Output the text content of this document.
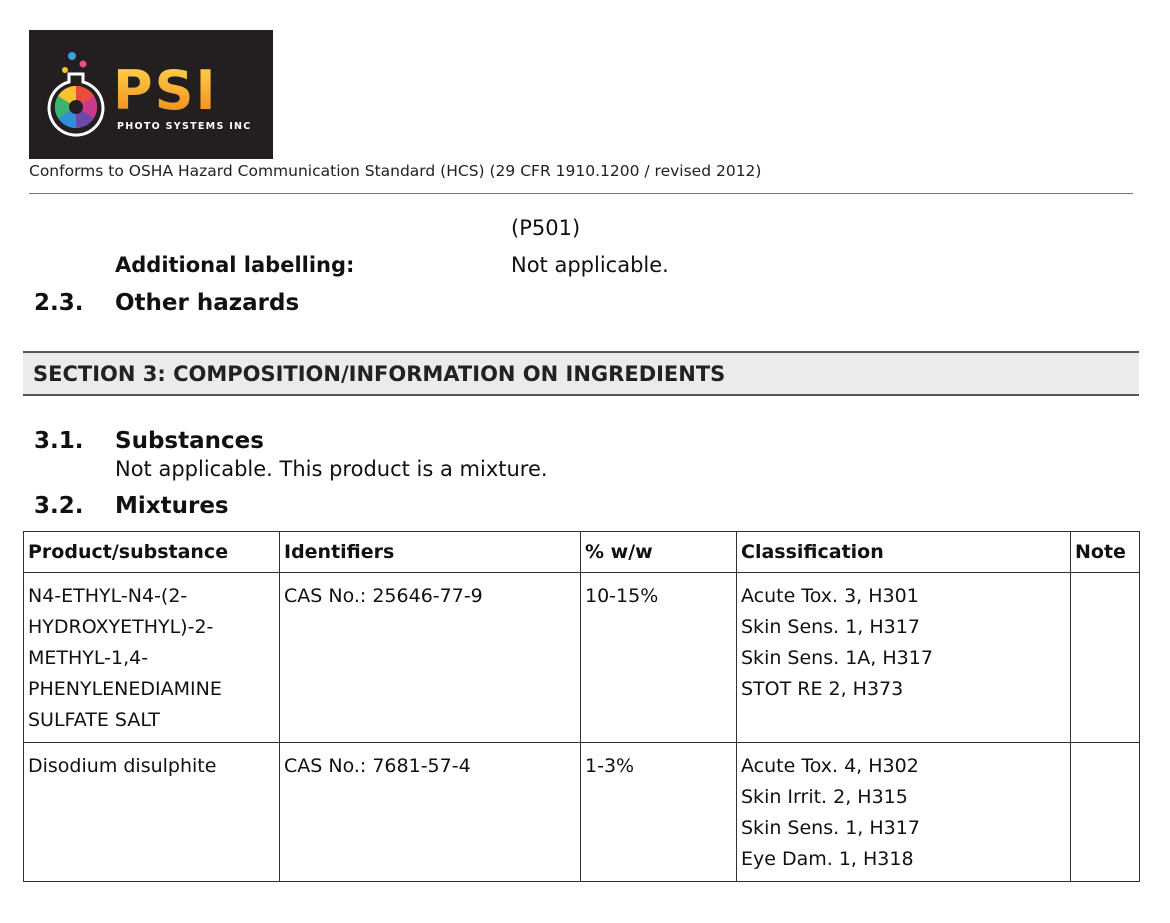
PSI
PHOTO SYSTEMS INC
Conforms to OSHA Hazard Communication Standard (HCS) (29 CFR 1910.1200 / revised 2012)
(P501)
Additional labelling:	Not applicable.
2.3. Other hazards
SECTION 3: COMPOSITION/INFORMATION ON INGREDIENTS
3.1. Substances
Not applicable. This product is a mixture.
3.2. Mixtures
Product/substance	Identifiers	% w/w	Classification	Note

N4-ETHYL-N4-(2-
HYDROXYETHYL)-2-
METHYL-1,4-
PHENYLENEDIAMINE
SULFATE SALT	CAS No.: 25646-77-9	10-15%	Acute Tox. 3, H301
Skin Sens. 1, H317
Skin Sens. 1A, H317
STOT RE 2, H373	

Disodium disulphite	CAS No.: 7681-57-4	1-3%	Acute Tox. 4, H302
Skin Irrit. 2, H315
Skin Sens. 1, H317
Eye Dam. 1, H318	
